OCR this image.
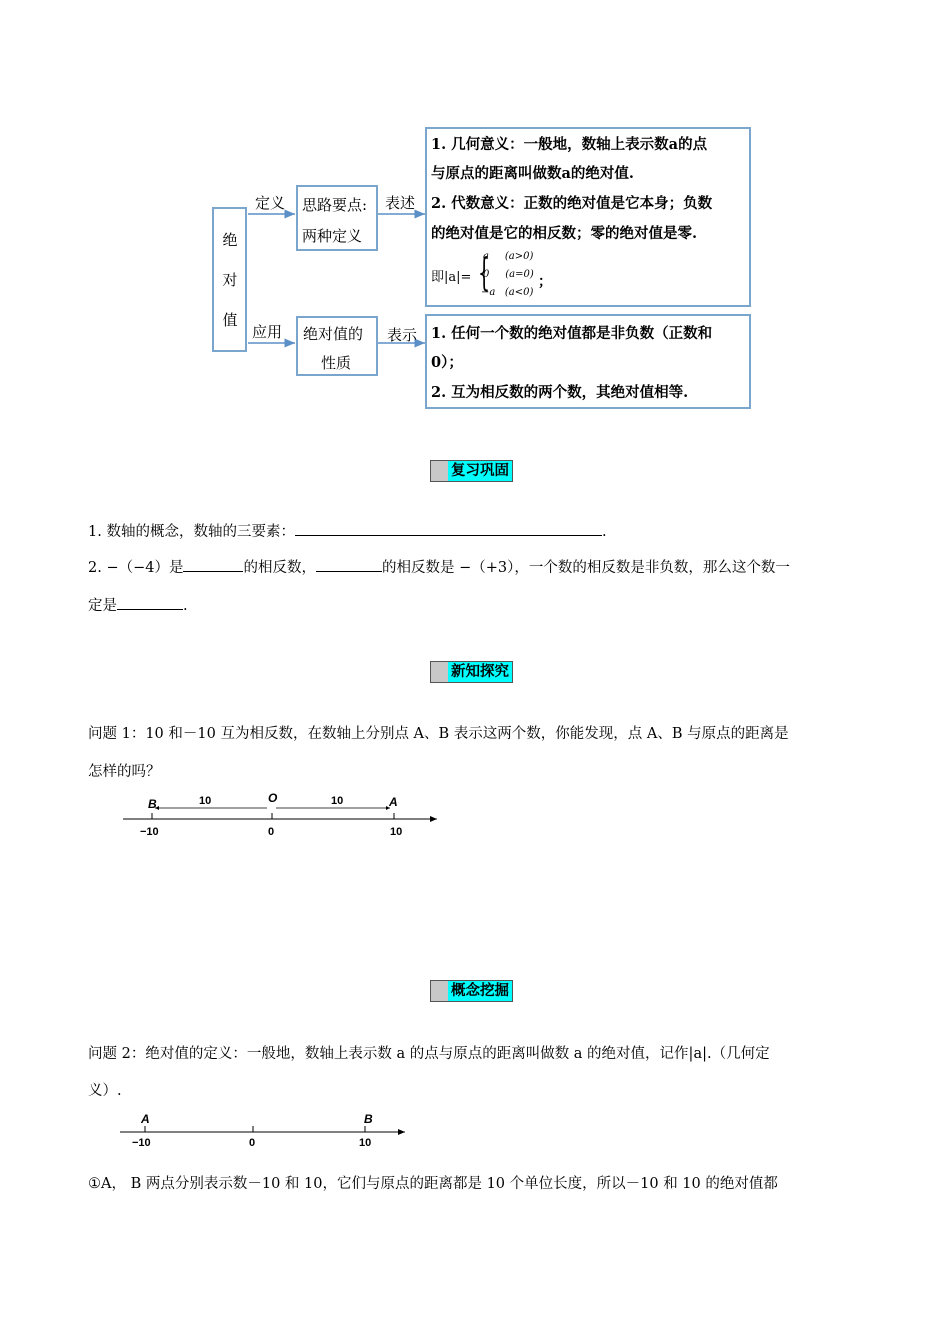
绝
对
值
定义
应用
表述
表示
思路要点:
两种定义
绝对值的
性质
1. 几何意义：一般地，数轴上表示数a的点
与原点的距离叫做数a的绝对值.
2. 代数意义：正数的绝对值是它本身；负数
的绝对值是它的相反数；零的绝对值是零.
即|a|= {
a     (a>0)
0     (a=0)
−a   (a<0)
；
1. 任何一个数的绝对值都是非负数（正数和
0）；
2. 互为相反数的两个数，其绝对值相等.
复习巩固
1. 数轴的概念，数轴的三要素：	.
2. −（−4）是	的相反数，	的相反数是 −（+3），一个数的相反数是非负数，那么这个数一
定是	.
新知探究
问题 1：10 和－10 互为相反数，在数轴上分别点 A、B 表示这两个数，你能发现，点 A、B 与原点的距离是
怎样的吗？
B	O	A
10	10
−10	0	10
概念挖掘
问题 2：绝对值的定义：一般地，数轴上表示数 a 的点与原点的距离叫做数 a 的绝对值，记作|a|.（几何定
义）.
A	B
−10	0	10
①A， B 两点分别表示数－10 和 10，它们与原点的距离都是 10 个单位长度，所以－10 和 10 的绝对值都
